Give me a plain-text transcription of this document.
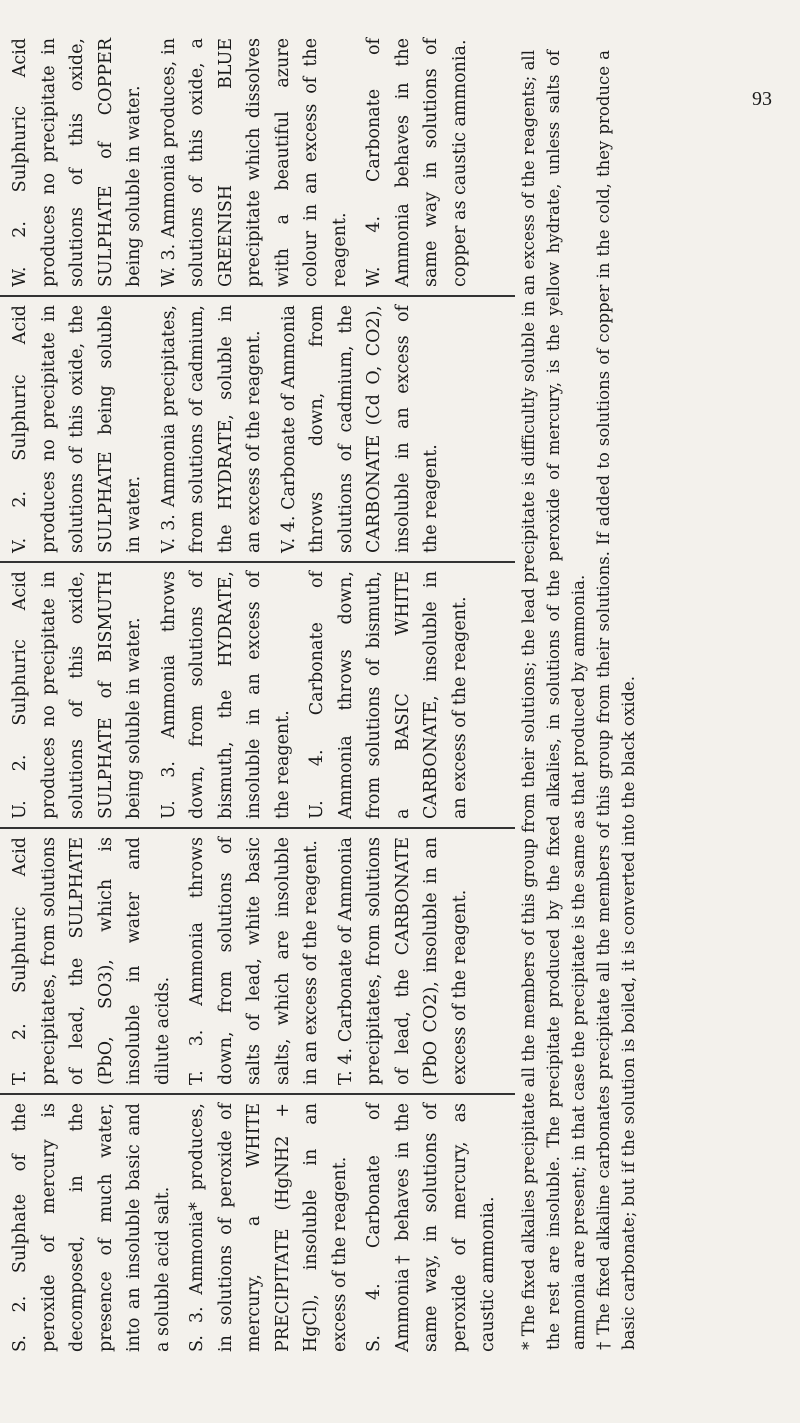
93

S. 2. Sulphate of the peroxide of mercury is decomposed, in the presence of much water, into an insoluble basic and a soluble acid salt. S. 3. Ammonia* produces, in solutions of peroxide of mercury, a WHITE PRECIPITATE (HgNH2 + HgCl), insoluble in an excess of the reagent. S. 4. Carbonate of Ammonia† behaves in the same way, in solutions of peroxide of mercury, as caustic ammonia.

T. 2. Sulphuric Acid precipitates, from solutions of lead, the SULPHATE (PbO, SO3), which is insoluble in water and dilute acids. T. 3. Ammonia throws down, from solutions of salts of lead, white basic salts, which are insoluble in an excess of the reagent. T. 4. Carbonate of Ammonia precipitates, from solutions of lead, the CARBONATE (PbO CO2), insoluble in an excess of the reagent.

U. 2. Sulphuric Acid produces no precipitate in solutions of this oxide, SULPHATE of BISMUTH being soluble in water. U. 3. Ammonia throws down, from solutions of bismuth, the HYDRATE, insoluble in an excess of the reagent. U. 4. Carbonate of Ammonia throws down, from solutions of bismuth, a BASIC WHITE CARBONATE, insoluble in an excess of the reagent.

V. 2. Sulphuric Acid produces no precipitate in solutions of this oxide, the SULPHATE being soluble in water. V. 3. Ammonia precipitates, from solutions of cadmium, the HYDRATE, soluble in an excess of the reagent. V. 4. Carbonate of Ammonia throws down, from solutions of cadmium, the CARBONATE (Cd O, CO2), insoluble in an excess of the reagent.

W. 2. Sulphuric Acid produces no precipitate in solutions of this oxide, SULPHATE of COPPER being soluble in water. W. 3. Ammonia produces, in solutions of this oxide, a GREENISH BLUE precipitate which dissolves with a beautiful azure colour in an excess of the reagent. W. 4. Carbonate of Ammonia behaves in the same way in solutions of copper as caustic ammonia.	* The fixed alkalies precipitate all the members of this group from their solutions; the lead precipitate is difficultly soluble in an excess of the reagents; all the rest are insoluble. The precipitate produced by the fixed alkalies, in solutions of the peroxide of mercury, is the yellow hydrate, unless salts of ammonia are present; in that case the precipitate is the same as that produced by ammonia. † The fixed alkaline carbonates precipitate all the members of this group from their solutions. If added to solutions of copper in the cold, they produce a basic carbonate; but if the solution is boiled, it is converted into the black oxide.
